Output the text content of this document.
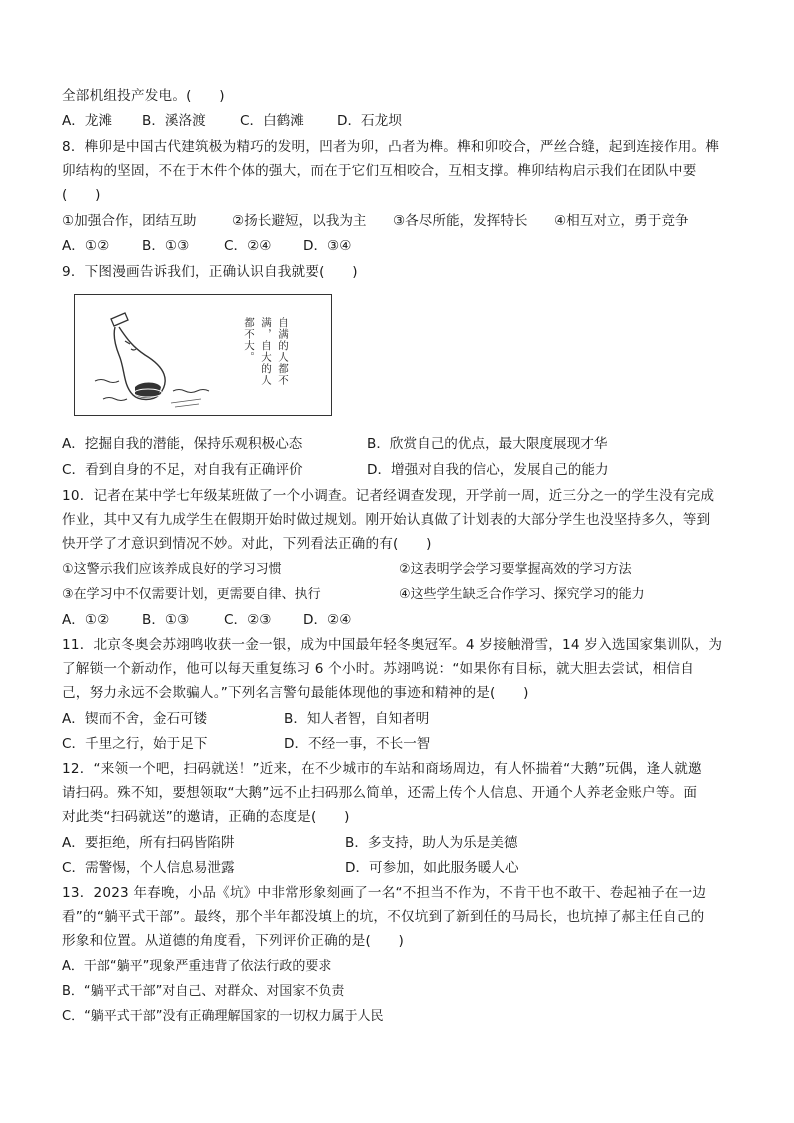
全部机组投产发电。(　　)
A．龙滩 B．溪洛渡	C．白鹤滩 D．石龙坝
8．榫卯是中国古代建筑极为精巧的发明，凹者为卯，凸者为榫。榫和卯咬合，严丝合缝，起到连接作用。榫
卯结构的坚固，不在于木件个体的强大，而在于它们互相咬合，互相支撑。榫卯结构启示我们在团队中要
(　　)
①加强合作，团结互助	②扬长避短，以我为主 ③各尽所能，发挥特长 ④相互对立，勇于竞争
A．①② B．①③	C．②④ D．③④
9．下图漫画告诉我们，正确认识自我就要(　　)
自满的人都不满，自大的人都不大。
A．挖掘自我的潜能，保持乐观积极心态	B．欣赏自己的优点，最大限度展现才华
C．看到自身的不足，对自我有正确评价	D．增强对自我的信心，发展自己的能力
10．记者在某中学七年级某班做了一个小调查。记者经调查发现，开学前一周，近三分之一的学生没有完成
作业，其中又有九成学生在假期开始时做过规划。刚开始认真做了计划表的大部分学生也没坚持多久，等到
快开学了才意识到情况不妙。对此，下列看法正确的有(　　)
①这警示我们应该养成良好的学习习惯	②这表明学会学习要掌握高效的学习方法
③在学习中不仅需要计划，更需要自律、执行	④这些学生缺乏合作学习、探究学习的能力
A．①② B．①③	C．②③ D．②④
11．北京冬奥会苏翊鸣收获一金一银，成为中国最年轻冬奥冠军。4 岁接触滑雪，14 岁入选国家集训队，为
了解锁一个新动作，他可以每天重复练习 6 个小时。苏翊鸣说：“如果你有目标，就大胆去尝试，相信自
己，努力永远不会欺骗人。”下列名言警句最能体现他的事迹和精神的是(　　)
A．锲而不舍，金石可镂	B．知人者智，自知者明
C．千里之行，始于足下	D．不经一事，不长一智
12．“来领一个吧，扫码就送！”近来，在不少城市的车站和商场周边，有人怀揣着“大鹅”玩偶，逢人就邀
请扫码。殊不知，要想领取“大鹅”远不止扫码那么简单，还需上传个人信息、开通个人养老金账户等。面
对此类“扫码就送”的邀请，正确的态度是(　　)
A．要拒绝，所有扫码皆陷阱	B．多支持，助人为乐是美德
C．需警惕，个人信息易泄露	D．可参加，如此服务暖人心
13．2023 年春晚，小品《坑》中非常形象刻画了一名“不担当不作为，不肯干也不敢干、卷起袖子在一边
看”的“躺平式干部”。最终，那个半年都没填上的坑，不仅坑到了新到任的马局长，也坑掉了郝主任自己的
形象和位置。从道德的角度看，下列评价正确的是(　　)
A．干部“躺平”现象严重违背了依法行政的要求
B．“躺平式干部”对自己、对群众、对国家不负责
C．“躺平式干部”没有正确理解国家的一切权力属于人民
